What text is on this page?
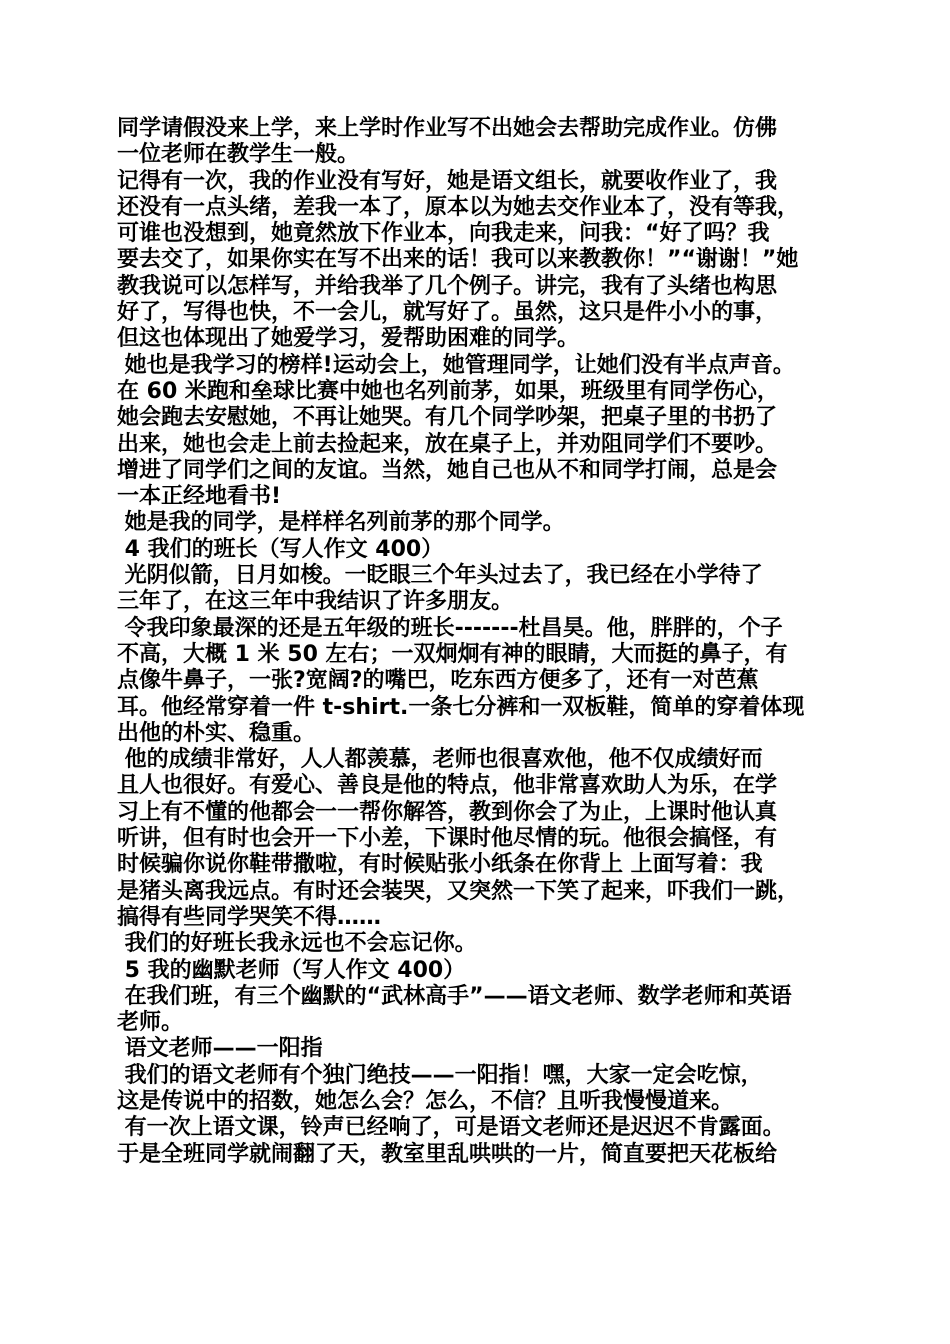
同学请假没来上学，来上学时作业写不出她会去帮助完成作业。仿佛
一位老师在教学生一般。
记得有一次，我的作业没有写好，她是语文组长，就要收作业了，我
还没有一点头绪，差我一本了，原本以为她去交作业本了，没有等我，
可谁也没想到，她竟然放下作业本，向我走来，问我：“好了吗？我
要去交了，如果你实在写不出来的话！我可以来教教你！”“谢谢！”她
教我说可以怎样写，并给我举了几个例子。讲完，我有了头绪也构思
好了，写得也快，不一会儿，就写好了。虽然，这只是件小小的事，
但这也体现出了她爱学习，爱帮助困难的同学。
她也是我学习的榜样!运动会上，她管理同学，让她们没有半点声音。
在 60 米跑和垒球比赛中她也名列前茅，如果，班级里有同学伤心，
她会跑去安慰她，不再让她哭。有几个同学吵架，把桌子里的书扔了
出来，她也会走上前去捡起来，放在桌子上，并劝阻同学们不要吵。
增进了同学们之间的友谊。当然，她自己也从不和同学打闹，总是会
一本正经地看书!
她是我的同学，是样样名列前茅的那个同学。
4 我们的班长（写人作文 400）
光阴似箭，日月如梭。一眨眼三个年头过去了，我已经在小学待了
三年了，在这三年中我结识了许多朋友。
令我印象最深的还是五年级的班长-------杜昌昊。他，胖胖的，个子
不高，大概 1 米 50 左右；一双炯炯有神的眼睛，大而挺的鼻子，有
点像牛鼻子，一张?宽阔?的嘴巴，吃东西方便多了，还有一对芭蕉
耳。他经常穿着一件 t-shirt.一条七分裤和一双板鞋，简单的穿着体现
出他的朴实、稳重。
他的成绩非常好，人人都羡慕，老师也很喜欢他，他不仅成绩好而
且人也很好。有爱心、善良是他的特点，他非常喜欢助人为乐，在学
习上有不懂的他都会一一帮你解答，教到你会了为止，上课时他认真
听讲，但有时也会开一下小差，下课时他尽情的玩。他很会搞怪，有
时候骗你说你鞋带撒啦，有时候贴张小纸条在你背上 上面写着：我
是猪头离我远点。有时还会装哭，又突然一下笑了起来，吓我们一跳，
搞得有些同学哭笑不得……
我们的好班长我永远也不会忘记你。
5 我的幽默老师（写人作文 400）
在我们班，有三个幽默的“武林高手”——语文老师、数学老师和英语
老师。
语文老师——一阳指
我们的语文老师有个独门绝技——一阳指！嘿，大家一定会吃惊，
这是传说中的招数，她怎么会？怎么，不信？且听我慢慢道来。
有一次上语文课，铃声已经响了，可是语文老师还是迟迟不肯露面。
于是全班同学就闹翻了天，教室里乱哄哄的一片，简直要把天花板给
